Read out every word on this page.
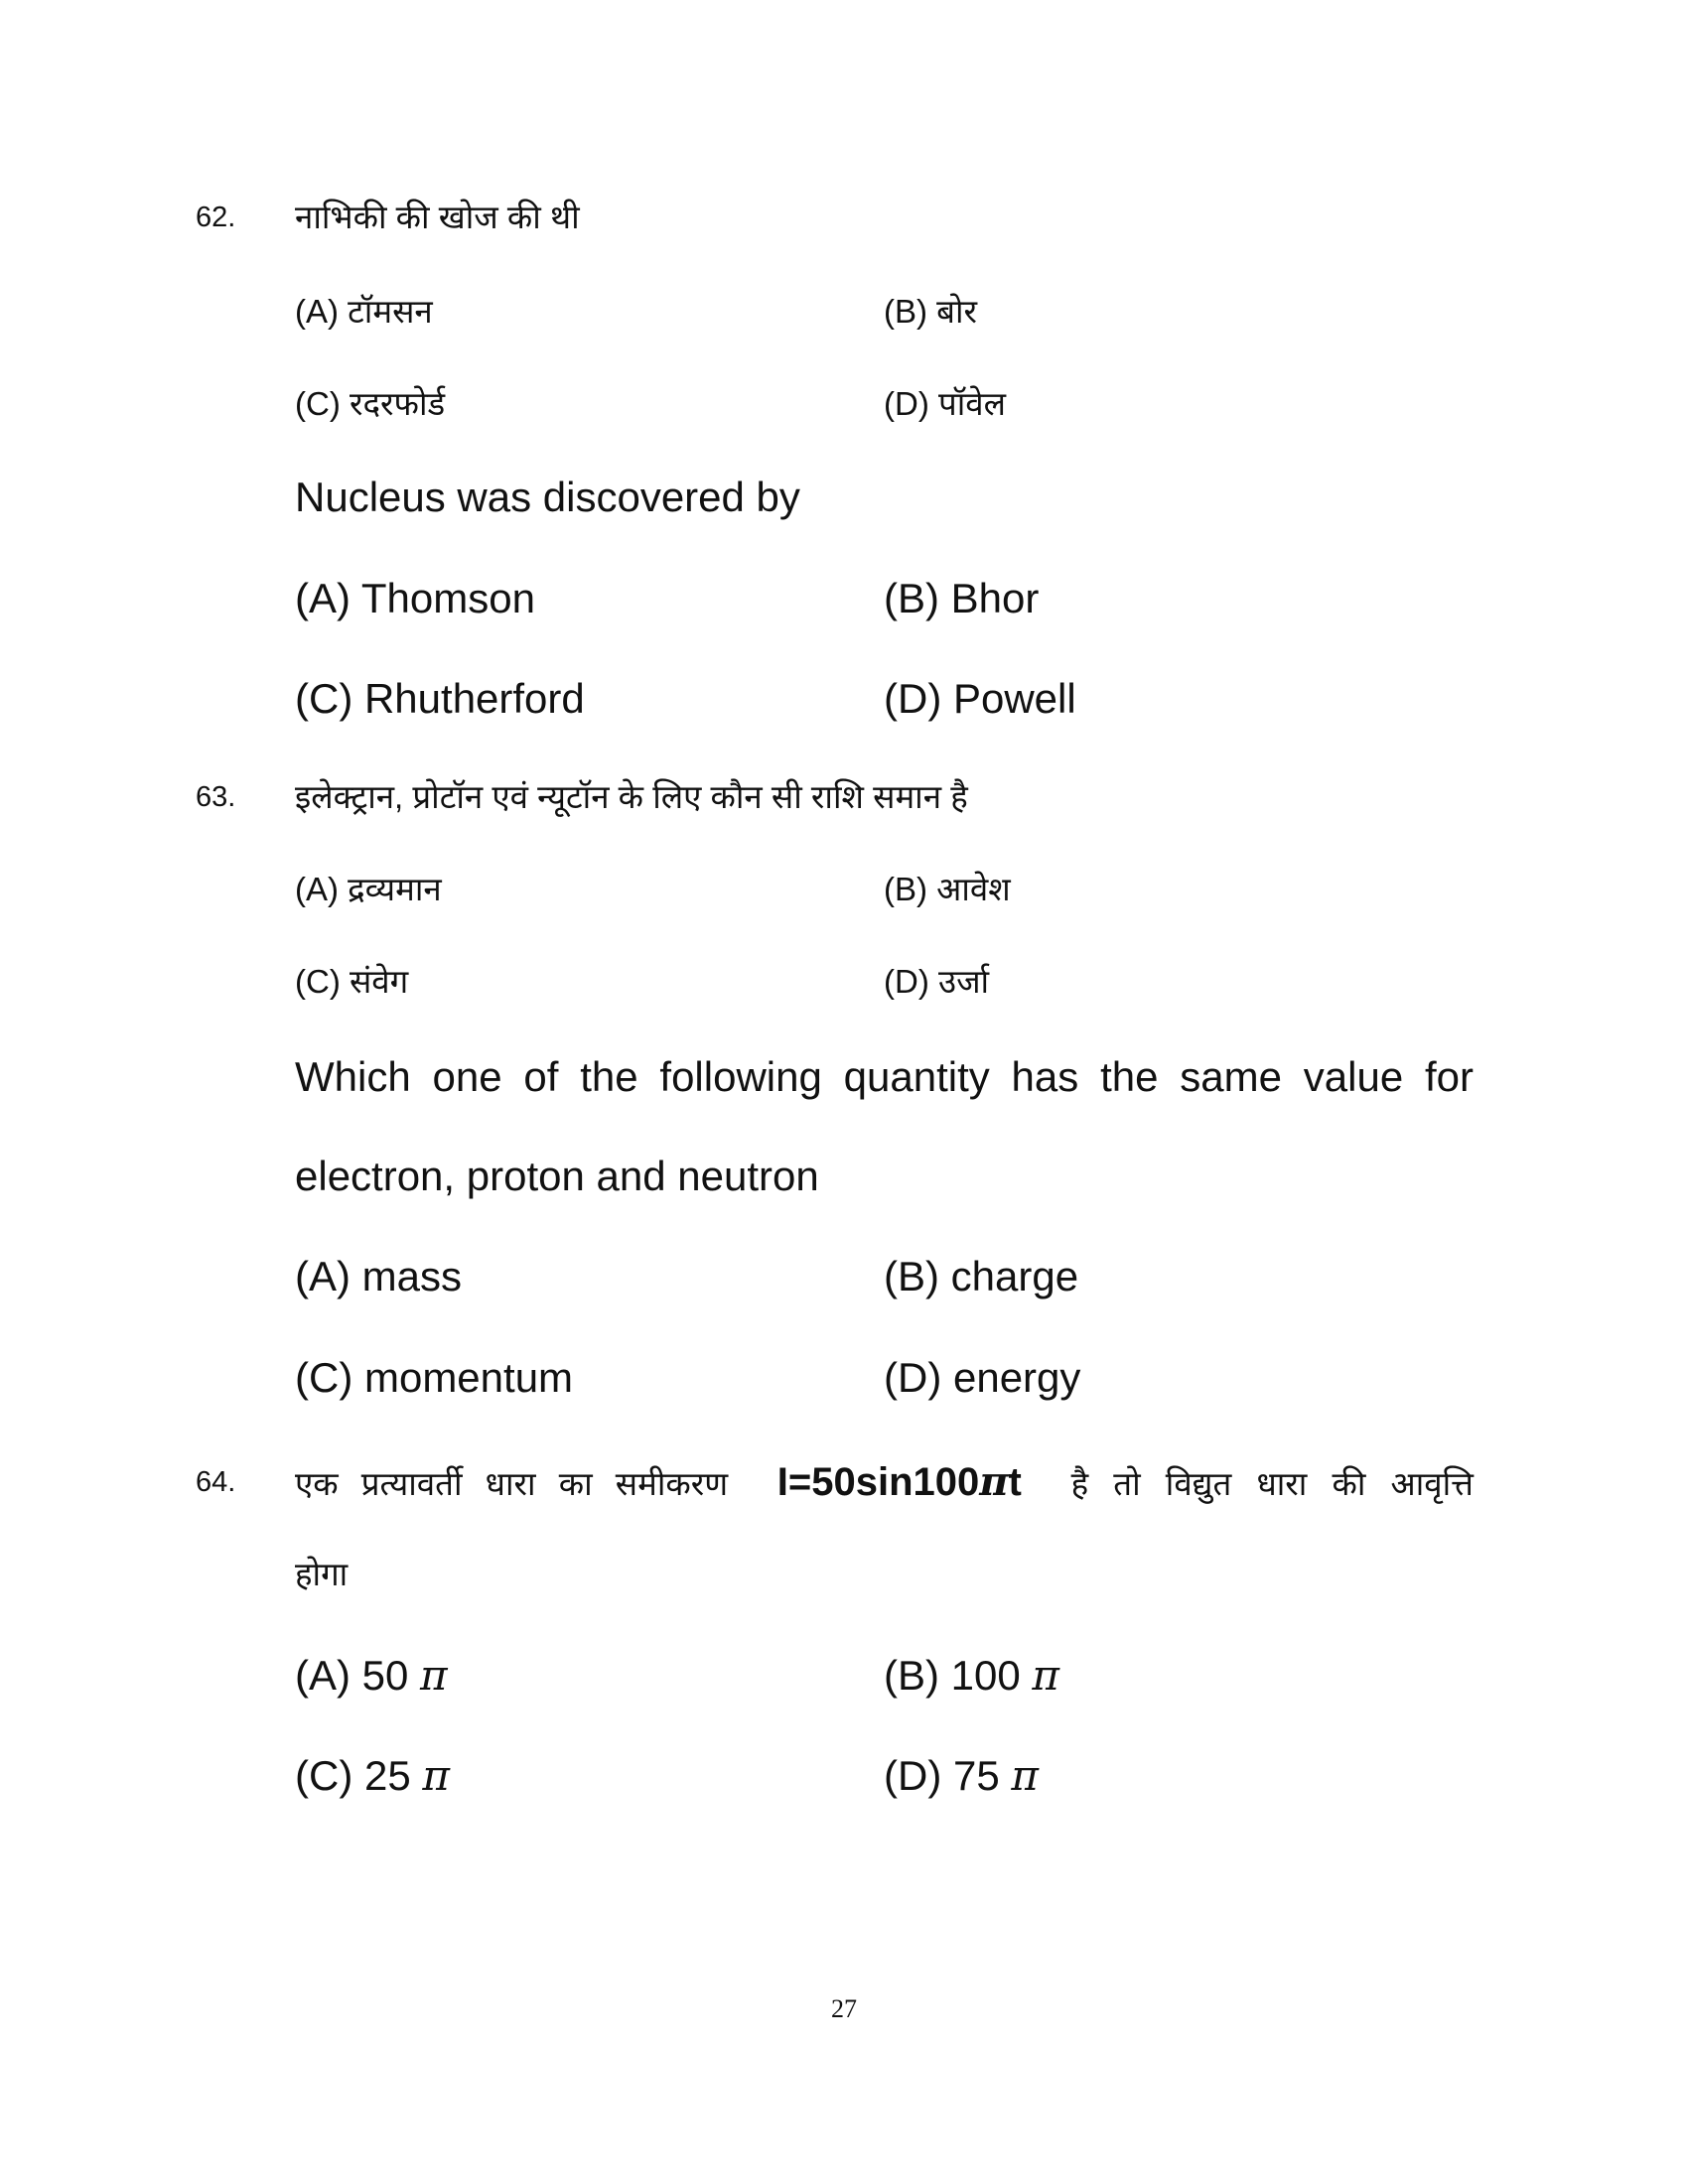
62. नाभिकी की खोज की थी
(A) टॉमसन	(B) बोर
(C) रदरफोर्ड	(D) पॉवेल
Nucleus was discovered by
(A) Thomson	(B) Bhor
(C) Rhutherford	(D) Powell
63. इलेक्ट्रान, प्रोटॉन एवं न्यूटॉन के लिए कौन सी राशि समान है
(A) द्रव्यमान	(B) आवेश
(C) संवेग	(D) उर्जा
Which one of the following quantity has the same value for
electron, proton and neutron
(A) mass	(B) charge
(C) momentum	(D) energy
64. एक प्रत्यावर्ती धारा का समीकरण I=50sin100πt है तो विद्युत धारा की आवृत्ति
होगा
(A) 50 π	(B) 100 π
(C) 25 π	(D) 75 π
27
